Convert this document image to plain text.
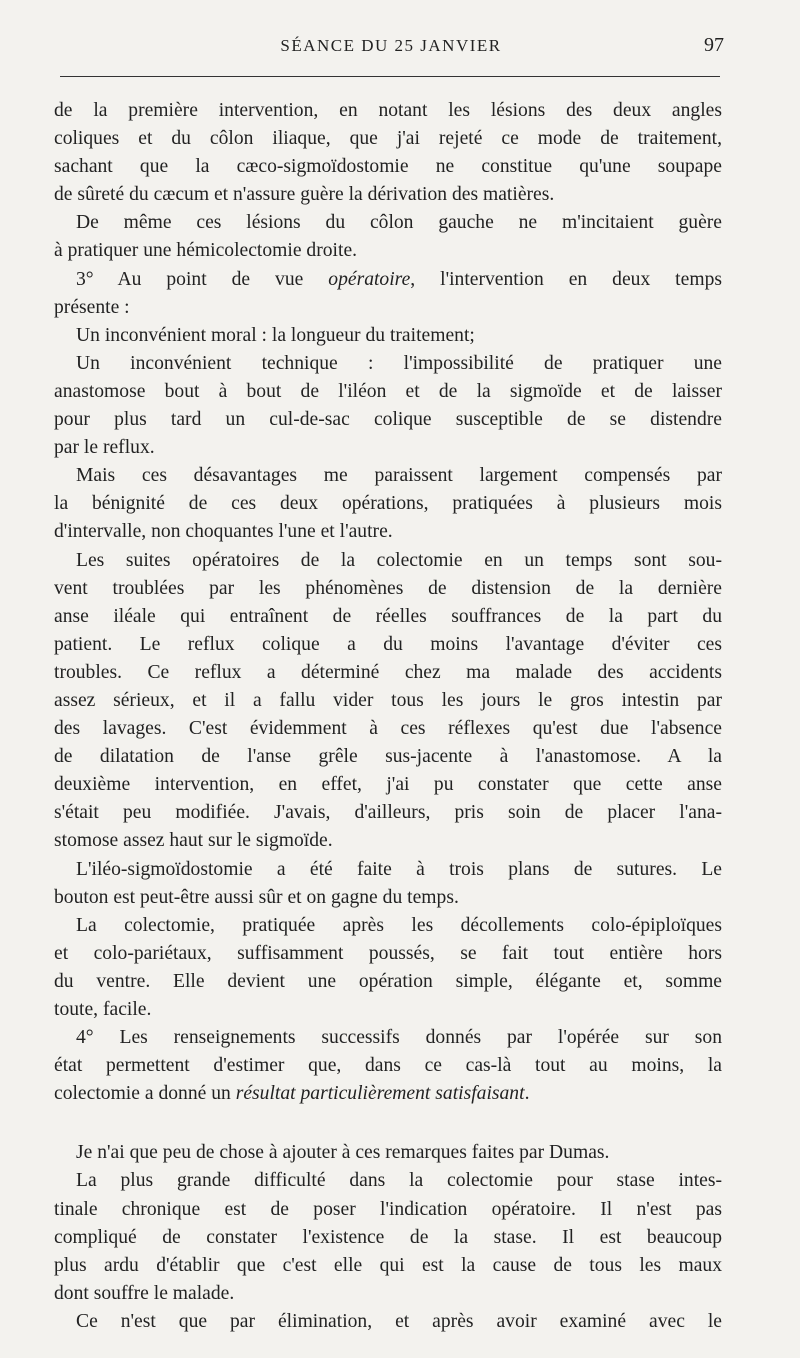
SÉANCE DU 25 JANVIER	97
de la première intervention, en notant les lésions des deux angles
coliques et du côlon iliaque, que j'ai rejeté ce mode de traitement,
sachant que la cæco-sigmoïdostomie ne constitue qu'une soupape
de sûreté du cæcum et n'assure guère la dérivation des matières.
De même ces lésions du côlon gauche ne m'incitaient guère
à pratiquer une hémicolectomie droite.
3° Au point de vue opératoire, l'intervention en deux temps
présente :
Un inconvénient moral : la longueur du traitement;
Un inconvénient technique : l'impossibilité de pratiquer une
anastomose bout à bout de l'iléon et de la sigmoïde et de laisser
pour plus tard un cul-de-sac colique susceptible de se distendre
par le reflux.
Mais ces désavantages me paraissent largement compensés par
la bénignité de ces deux opérations, pratiquées à plusieurs mois
d'intervalle, non choquantes l'une et l'autre.
Les suites opératoires de la colectomie en un temps sont sou-
vent troublées par les phénomènes de distension de la dernière
anse iléale qui entraînent de réelles souffrances de la part du
patient. Le reflux colique a du moins l'avantage d'éviter ces
troubles. Ce reflux a déterminé chez ma malade des accidents
assez sérieux, et il a fallu vider tous les jours le gros intestin par
des lavages. C'est évidemment à ces réflexes qu'est due l'absence
de dilatation de l'anse grêle sus-jacente à l'anastomose. A la
deuxième intervention, en effet, j'ai pu constater que cette anse
s'était peu modifiée. J'avais, d'ailleurs, pris soin de placer l'ana-
stomose assez haut sur le sigmoïde.
L'iléo-sigmoïdostomie a été faite à trois plans de sutures. Le
bouton est peut-être aussi sûr et on gagne du temps.
La colectomie, pratiquée après les décollements colo-épiploïques
et colo-pariétaux, suffisamment poussés, se fait tout entière hors
du ventre. Elle devient une opération simple, élégante et, somme
toute, facile.
4° Les renseignements successifs donnés par l'opérée sur son
état permettent d'estimer que, dans ce cas-là tout au moins, la
colectomie a donné un résultat particulièrement satisfaisant.
Je n'ai que peu de chose à ajouter à ces remarques faites par Dumas.
La plus grande difficulté dans la colectomie pour stase intes-
tinale chronique est de poser l'indication opératoire. Il n'est pas
compliqué de constater l'existence de la stase. Il est beaucoup
plus ardu d'établir que c'est elle qui est la cause de tous les maux
dont souffre le malade.
Ce n'est que par élimination, et après avoir examiné avec le
